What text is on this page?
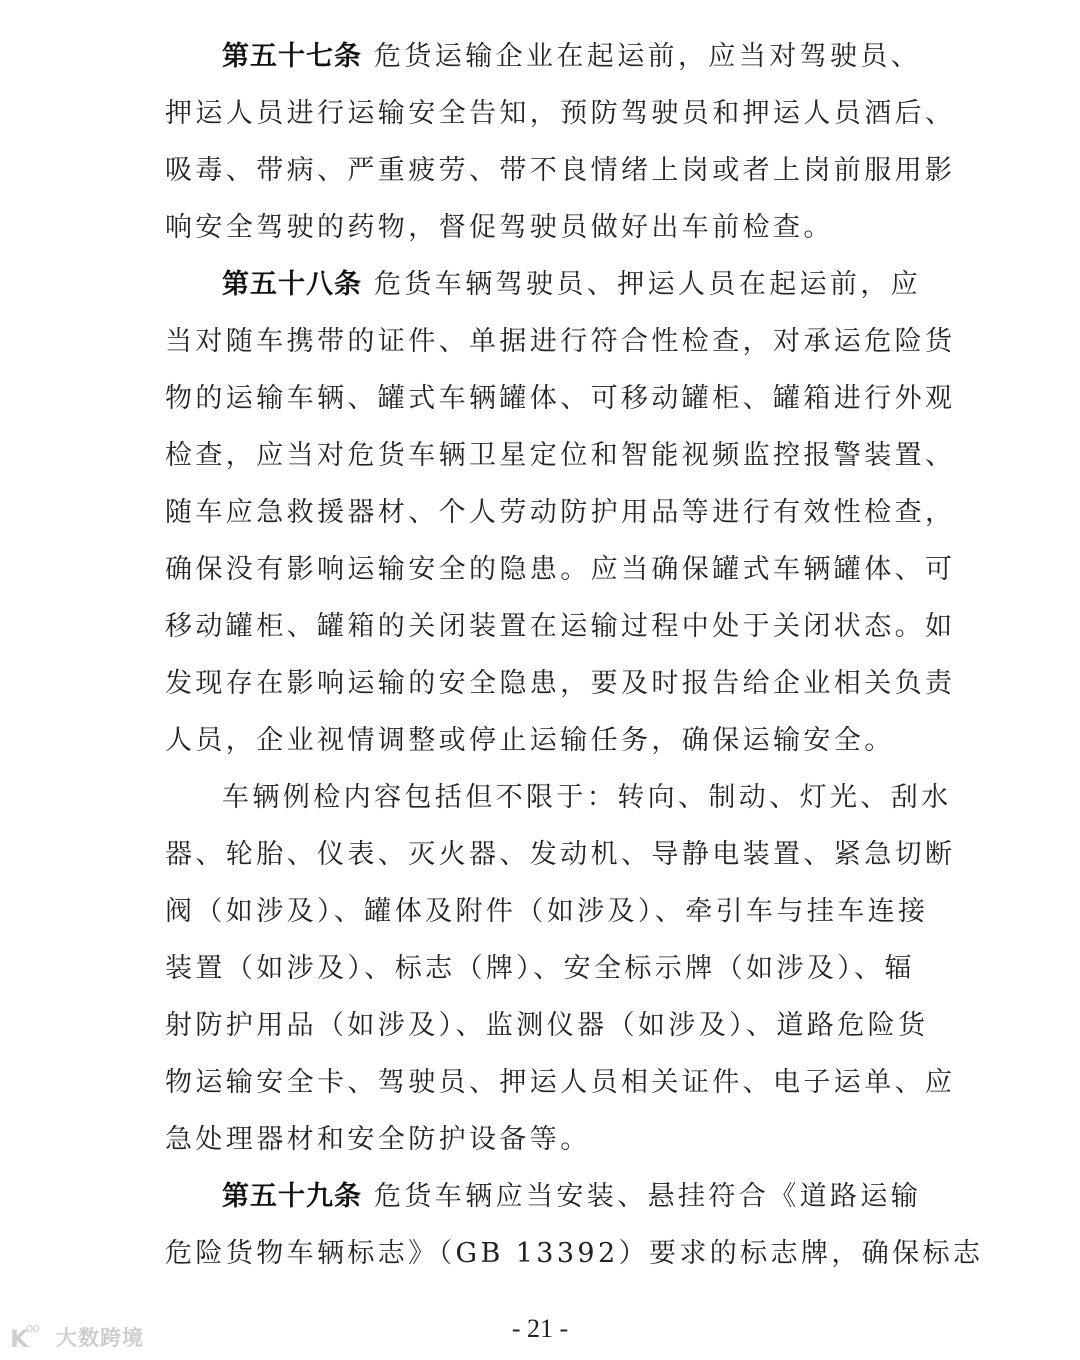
第五十七条 危货运输企业在起运前，应当对驾驶员、
押运人员进行运输安全告知，预防驾驶员和押运人员酒后、
吸毒、带病、严重疲劳、带不良情绪上岗或者上岗前服用影
响安全驾驶的药物，督促驾驶员做好出车前检查。
第五十八条 危货车辆驾驶员、押运人员在起运前，应
当对随车携带的证件、单据进行符合性检查，对承运危险货
物的运输车辆、罐式车辆罐体、可移动罐柜、罐箱进行外观
检查，应当对危货车辆卫星定位和智能视频监控报警装置、
随车应急救援器材、个人劳动防护用品等进行有效性检查，
确保没有影响运输安全的隐患。应当确保罐式车辆罐体、可
移动罐柜、罐箱的关闭装置在运输过程中处于关闭状态。如
发现存在影响运输的安全隐患，要及时报告给企业相关负责
人员，企业视情调整或停止运输任务，确保运输安全。
车辆例检内容包括但不限于：转向、制动、灯光、刮水
器、轮胎、仪表、灭火器、发动机、导静电装置、紧急切断
阀（如涉及）、罐体及附件（如涉及）、牵引车与挂车连接
装置（如涉及）、标志（牌）、安全标示牌（如涉及）、辐
射防护用品（如涉及）、监测仪器（如涉及）、道路危险货
物运输安全卡、驾驶员、押运人员相关证件、电子运单、应
急处理器材和安全防护设备等。
第五十九条 危货车辆应当安装、悬挂符合《道路运输
危险货物车辆标志》（GB 13392）要求的标志牌，确保标志
K
oo 大数跨境	- 21 -
